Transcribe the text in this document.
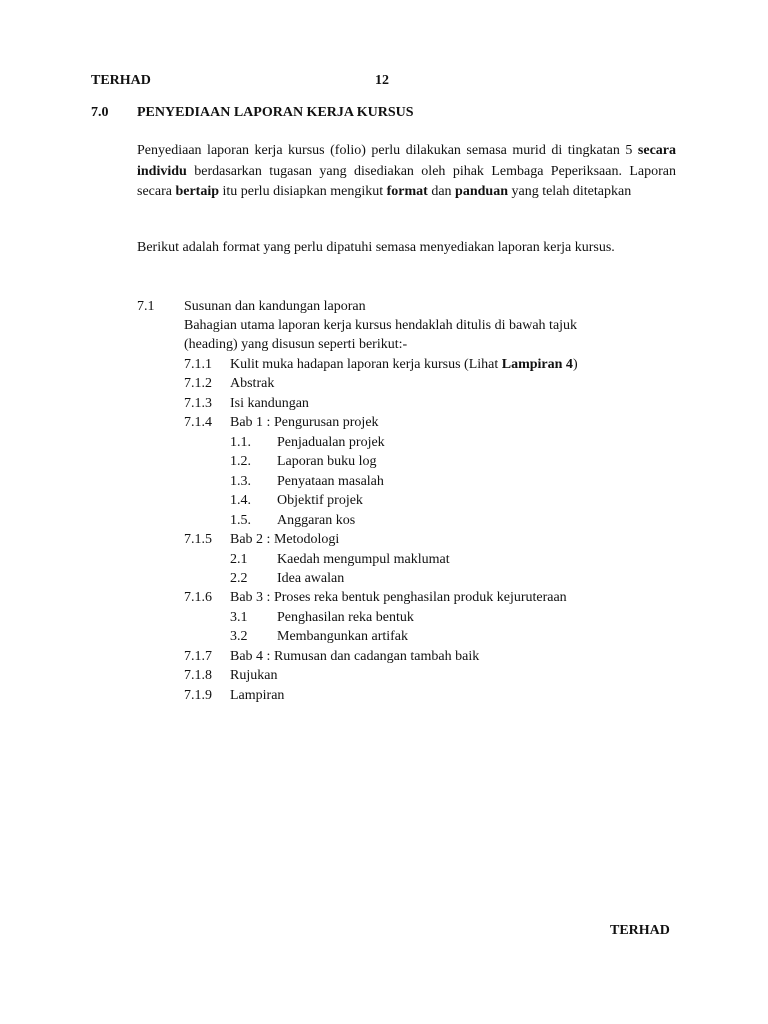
TERHAD	12
7.0 PENYEDIAAN LAPORAN KERJA KURSUS
Penyediaan laporan kerja kursus (folio) perlu dilakukan semasa murid di tingkatan 5 secara individu berdasarkan tugasan yang disediakan oleh pihak Lembaga Peperiksaan. Laporan secara bertaip itu perlu disiapkan mengikut format dan panduan yang telah ditetapkan
Berikut adalah format yang perlu dipatuhi semasa menyediakan laporan kerja kursus.
7.1 Susunan dan kandungan laporan
Bahagian utama laporan kerja kursus hendaklah ditulis di bawah tajuk
(heading) yang disusun seperti berikut:-
7.1.1 Kulit muka hadapan laporan kerja kursus (Lihat Lampiran 4)
7.1.2 Abstrak
7.1.3 Isi kandungan
7.1.4 Bab 1 : Pengurusan projek
1.1. Penjadualan projek
1.2. Laporan buku log
1.3. Penyataan masalah
1.4. Objektif projek
1.5. Anggaran kos
7.1.5 Bab 2 : Metodologi
2.1 Kaedah mengumpul maklumat
2.2 Idea awalan
7.1.6 Bab 3 : Proses reka bentuk penghasilan produk kejuruteraan
3.1 Penghasilan reka bentuk
3.2 Membangunkan artifak
7.1.7 Bab 4 : Rumusan dan cadangan tambah baik
7.1.8 Rujukan
7.1.9 Lampiran
TERHAD
